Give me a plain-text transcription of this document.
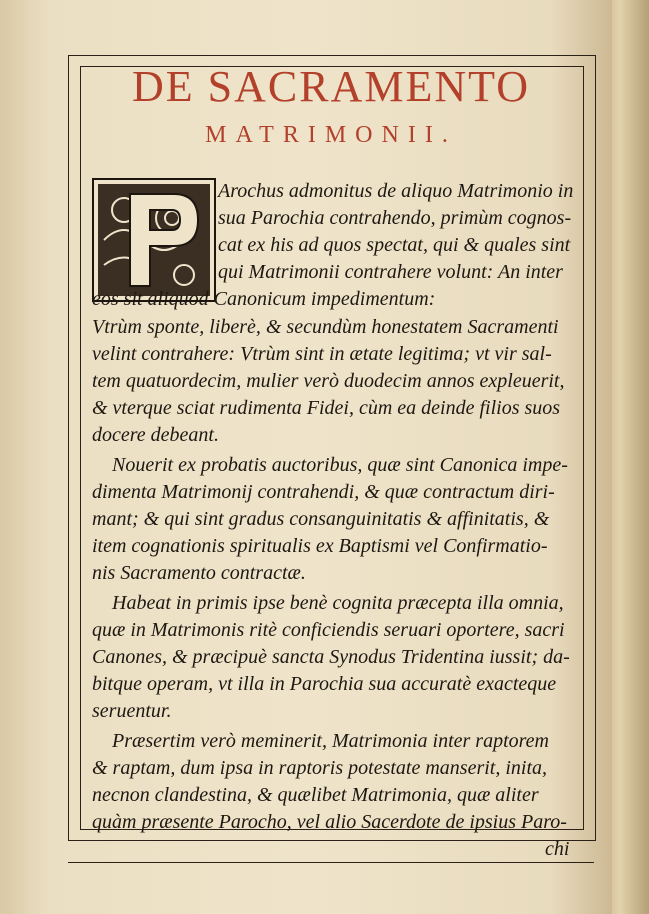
DE SACRAMENTO
MATRIMONII.
Arochus admonitus de aliquo Matrimonio in
sua Parochia contrahendo, primùm cognos-
cat ex his ad quos spectat, qui & quales sint
qui Matrimonii contrahere volunt: An inter
eos sit aliquod Canonicum impedimentum:
Vtrùm sponte, liberè, & secundùm honestatem Sacramenti
velint contrahere: Vtrùm sint in ætate legitima; vt vir sal-
tem quatuordecim, mulier verò duodecim annos expleuerit,
& vterque sciat rudimenta Fidei, cùm ea deinde filios suos
docere debeant.
Nouerit ex probatis auctoribus, quæ sint Canonica impe-
dimenta Matrimonij contrahendi, & quæ contractum diri-
mant; & qui sint gradus consanguinitatis & affinitatis, &
item cognationis spiritualis ex Baptismi vel Confirmatio-
nis Sacramento contractæ.
Habeat in primis ipse benè cognita præcepta illa omnia,
quæ in Matrimonis ritè conficiendis seruari oportere, sacri
Canones, & præcipuè sancta Synodus Tridentina iussit; da-
bitque operam, vt illa in Parochia sua accuratè exacteque
seruentur.
Præsertim verò meminerit, Matrimonia inter raptorem
& raptam, dum ipsa in raptoris potestate manserit, inita,
necnon clandestina, & quælibet Matrimonia, quæ aliter
quàm præsente Parocho, vel alio Sacerdote de ipsius Paro-
chi
